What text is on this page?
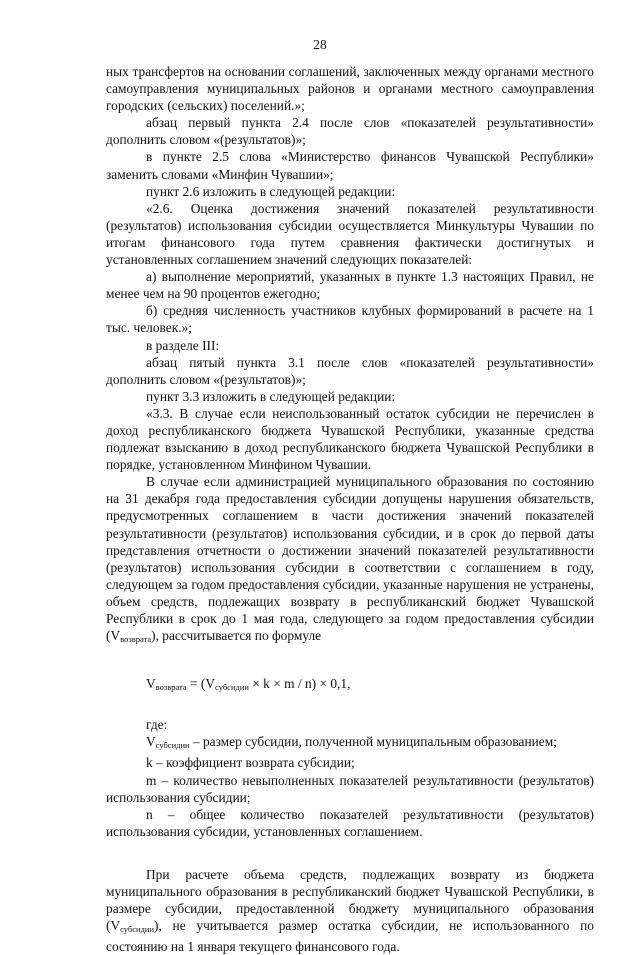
28

ных трансфертов на основании соглашений, заключенных между органами местного самоуправления муниципальных районов и органами местного самоуправления городских (сельских) поселений.»;

абзац первый пункта 2.4 после слов «показателей результативности» дополнить словом «(результатов)»;

в пункте 2.5 слова «Министерство финансов Чувашской Республики» заменить словами «Минфин Чувашии»;

пункт 2.6 изложить в следующей редакции:

«2.6. Оценка достижения значений показателей результативности (результатов) использования субсидии осуществляется Минкультуры Чувашии по итогам финансового года путем сравнения фактически достигнутых и установленных соглашением значений следующих показателей:

а) выполнение мероприятий, указанных в пункте 1.3 настоящих Правил, не менее чем на 90 процентов ежегодно;

б) средняя численность участников клубных формирований в расчете на 1 тыс. человек.»;

в разделе III:

абзац пятый пункта 3.1 после слов «показателей результативности» дополнить словом «(результатов)»;

пункт 3.3 изложить в следующей редакции:

«3.3. В случае если неиспользованный остаток субсидии не перечислен в доход республиканского бюджета Чувашской Республики, указанные средства подлежат взысканию в доход республиканского бюджета Чувашской Республики в порядке, установленном Минфином Чувашии.

В случае если администрацией муниципального образования по состоянию на 31 декабря года предоставления субсидии допущены нарушения обязательств, предусмотренных соглашением в части достижения значений показателей результативности (результатов) использования субсидии, и в срок до первой даты представления отчетности о достижении значений показателей результативности (результатов) использования субсидии в соответствии с соглашением в году, следующем за годом предоставления субсидии, указанные нарушения не устранены, объем средств, подлежащих возврату в республиканский бюджет Чувашской Республики в срок до 1 мая года, следующего за годом предоставления субсидии $(V_{возврата})$, рассчитывается по формуле

$V_{возврата} = (V_{субсидии} \times k \times m / n) \times 0,1$,

где:

$V_{субсидии}$ – размер субсидии, полученной муниципальным образованием;

k – коэффициент возврата субсидии;

m – количество невыполненных показателей результативности (результатов) использования субсидии;

n – общее количество показателей результативности (результатов) использования субсидии, установленных соглашением.

При расчете объема средств, подлежащих возврату из бюджета муниципального образования в республиканский бюджет Чувашской Республики, в размере субсидии, предоставленной бюджету муниципального образования $(V_{субсидии})$, не учитывается размер остатка субсидии, не использованного по состоянию на 1 января текущего финансового года.
